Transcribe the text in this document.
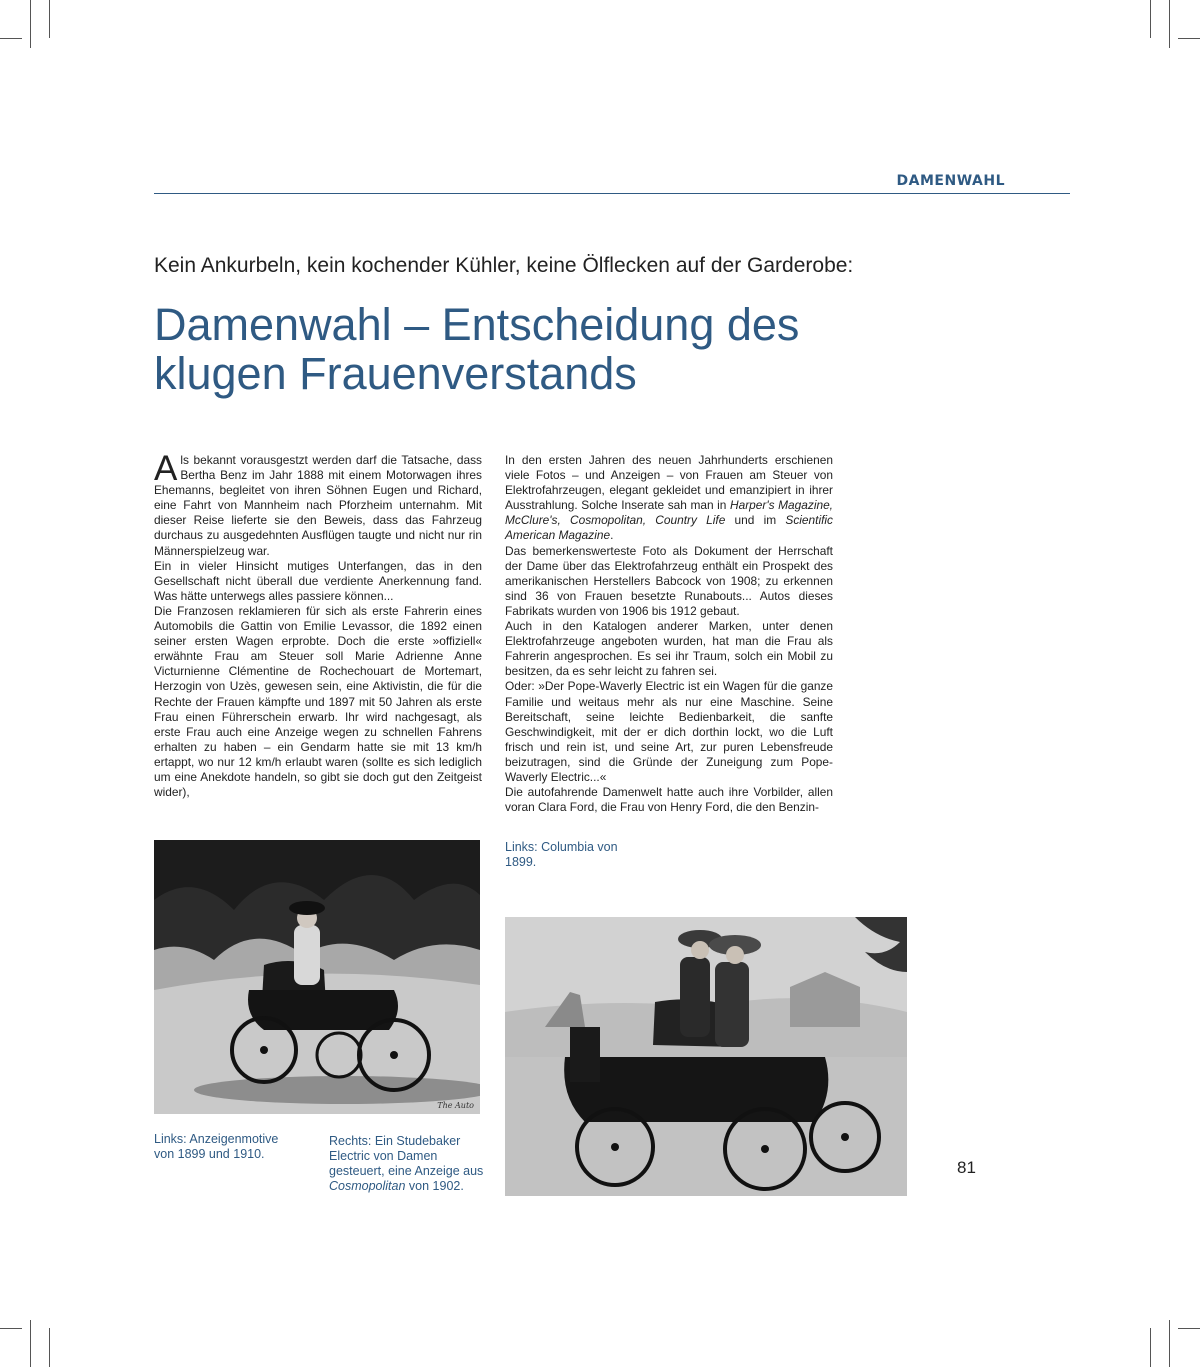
DAMENWAHL
Kein Ankurbeln, kein kochender Kühler, keine Ölflecken auf der Garderobe:
Damenwahl – Entscheidung des
klugen Frauenverstands

Als bekannt vorausgestzt werden darf die Tatsache, dass Bertha Benz im Jahr 1888 mit einem Motorwagen ihres Ehemanns, begleitet von ihren Söhnen Eugen und Richard, eine Fahrt von Mannheim nach Pforzheim unternahm. Mit dieser Reise lieferte sie den Beweis, dass das Fahrzeug durchaus zu ausgedehnten Ausflügen taugte und nicht nur rin Männerspielzeug war.

Ein in vieler Hinsicht mutiges Unterfangen, das in den Gesellschaft nicht überall due verdiente Anerkennung fand. Was hätte unterwegs alles passiere können...

Die Franzosen reklamieren für sich als erste Fahrerin eines Automobils die Gattin von Emilie Levassor, die 1892 einen seiner ersten Wagen erprobte. Doch die erste »offiziell« erwähnte Frau am Steuer soll Marie Adrienne Anne Victurnienne Clémentine de Rochechouart de Mortemart, Herzogin von Uzès, gewesen sein, eine Aktivistin, die für die Rechte der Frauen kämpfte und 1897 mit 50 Jahren als erste Frau einen Führerschein erwarb. Ihr wird nachgesagt, als erste Frau auch eine Anzeige wegen zu schnellen Fahrens erhalten zu haben – ein Gendarm hatte sie mit 13 km/h ertappt, wo nur 12 km/h erlaubt waren (sollte es sich lediglich um eine Anekdote handeln, so gibt sie doch gut den Zeitgeist wider),

In den ersten Jahren des neuen Jahrhunderts erschienen viele Fotos – und Anzeigen – von Frauen am Steuer von Elektrofahrzeugen, elegant gekleidet und emanzipiert in ihrer Ausstrahlung. Solche Inserate sah man in Harper's Magazine, McClure's, Cosmopolitan, Country Life und im Scientific American Magazine.

Das bemerkenswerteste Foto als Dokument der Herrschaft der Dame über das Elektrofahrzeug enthält ein Prospekt des amerikanischen Herstellers Babcock von 1908; zu erkennen sind 36 von Frauen besetzte Runabouts... Autos dieses Fabrikats wurden von 1906 bis 1912 gebaut.

Auch in den Katalogen anderer Marken, unter denen Elektrofahrzeuge angeboten wurden, hat man die Frau als Fahrerin angesprochen. Es sei ihr Traum, solch ein Mobil zu besitzen, da es sehr leicht zu fahren sei.

Oder: »Der Pope-Waverly Electric ist ein Wagen für die ganze Familie und weitaus mehr als nur eine Maschine. Seine Bereitschaft, seine leichte Bedienbarkeit, die sanfte Geschwindigkeit, mit der er dich dorthin lockt, wo die Luft frisch und rein ist, und seine Art, zur puren Lebensfreude beizutragen, sind die Gründe der Zuneigung zum Pope-Waverly Electric...«

Die autofahrende Damenwelt hatte auch ihre Vorbilder, allen voran Clara Ford, die Frau von Henry Ford, die den Benzin-

The Auto
Links: Columbia von 1899.
Links: Anzeigenmotive von 1899 und 1910.
Rechts: Ein Studebaker Electric von Damen gesteuert, eine Anzeige aus Cosmopolitan von 1902.
81
